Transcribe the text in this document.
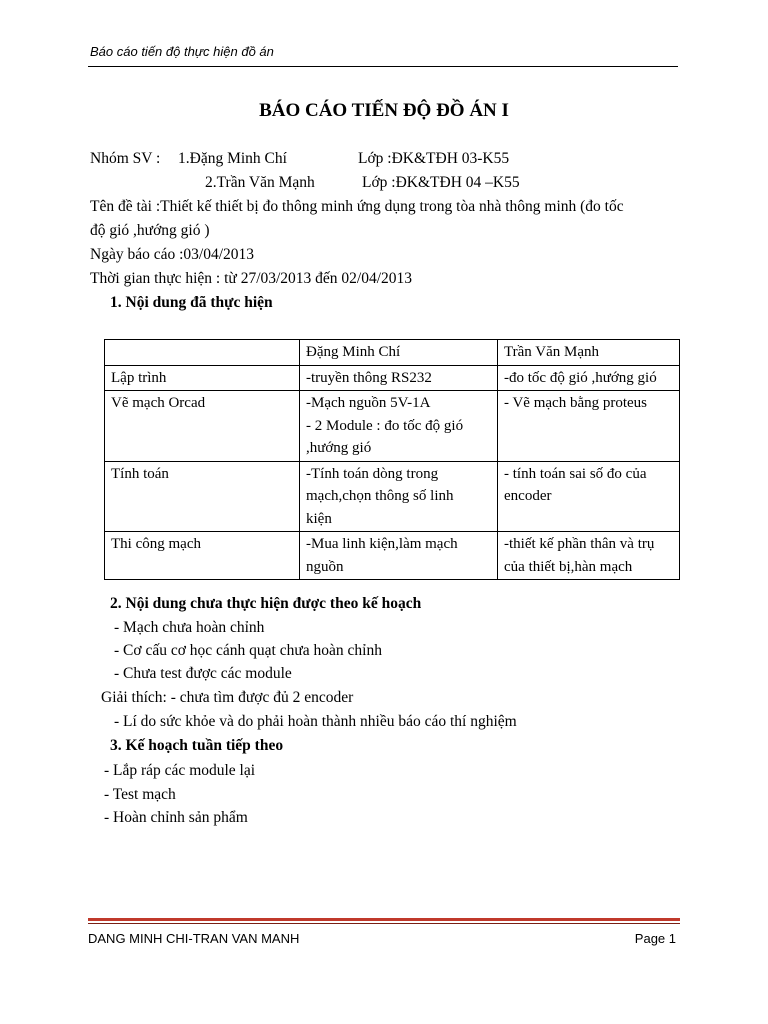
Báo cáo tiến độ thực hiện đồ án
BÁO CÁO TIẾN ĐỘ ĐỒ ÁN I
Nhóm SV : 1.Đặng Minh Chí	Lớp :ĐK&TĐH 03-K55
2.Trần Văn Mạnh	Lớp :ĐK&TĐH 04 –K55
Tên đề tài :Thiết kế thiết bị đo thông minh ứng dụng trong tòa nhà thông minh (đo tốc
độ gió ,hướng gió )
Ngày báo cáo :03/04/2013
Thời gian thực hiện : từ 27/03/2013 đến 02/04/2013
1. Nội dung đã thực hiện
	Đặng Minh Chí	Trần Văn Mạnh
Lập trình	-truyền thông RS232	-đo tốc độ gió ,hướng gió

Vẽ mạch Orcad	-Mạch nguồn 5V-1A
- 2 Module : đo tốc độ gió
,hướng gió	- Vẽ mạch bằng proteus

Tính toán	-Tính toán dòng trong
mạch,chọn thông số linh
kiện	- tính toán sai số đo của
encoder

Thi công mạch	-Mua linh kiện,làm mạch
nguồn	-thiết kế phần thân và trụ
của thiết bị,hàn mạch
2. Nội dung chưa thực hiện được theo kế hoạch
- Mạch chưa hoàn chỉnh
- Cơ cấu cơ học cánh quạt chưa hoàn chỉnh
- Chưa test được các module
Giải thích: - chưa tìm được đủ 2 encoder
- Lí do sức khỏe và do phải hoàn thành nhiều báo cáo thí nghiệm
3. Kế hoạch tuần tiếp theo
- Lắp ráp các module lại
- Test mạch
- Hoàn chỉnh sản phẩm
DANG MINH CHI-TRAN VAN MANH	Page 1
